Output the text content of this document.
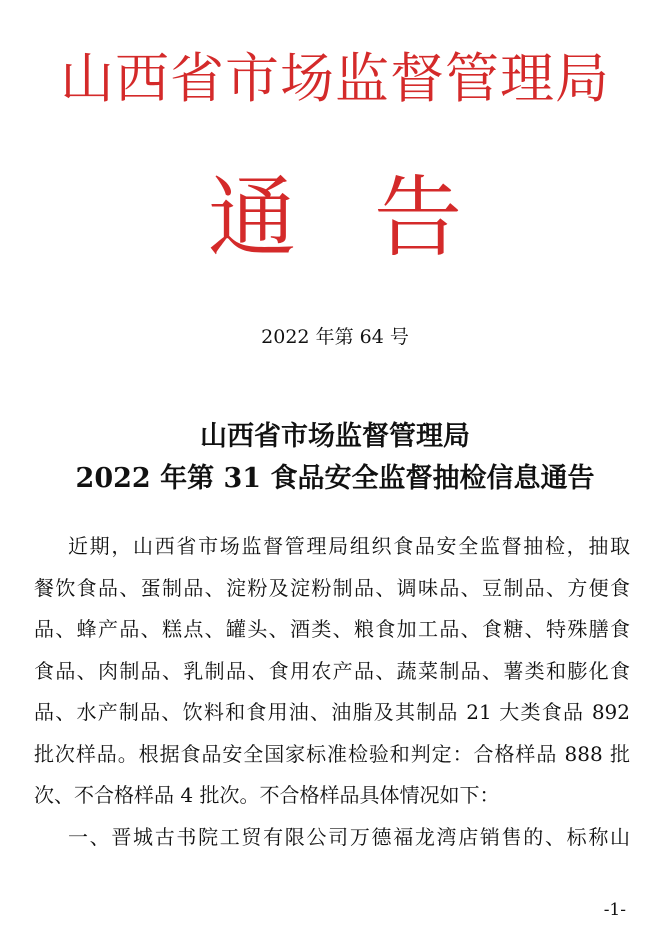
山西省市场监督管理局
通告
2022 年第 64 号
山西省市场监督管理局
2022 年第 31 食品安全监督抽检信息通告
近期，山西省市场监督管理局组织食品安全监督抽检，抽取
餐饮食品、蛋制品、淀粉及淀粉制品、调味品、豆制品、方便食
品、蜂产品、糕点、罐头、酒类、粮食加工品、食糖、特殊膳食
食品、肉制品、乳制品、食用农产品、蔬菜制品、薯类和膨化食
品、水产制品、饮料和食用油、油脂及其制品 21 大类食品 892
批次样品。根据食品安全国家标准检验和判定：合格样品 888 批
次、不合格样品 4 批次。不合格样品具体情况如下：
一、晋城古书院工贸有限公司万德福龙湾店销售的、标称山
-1-
